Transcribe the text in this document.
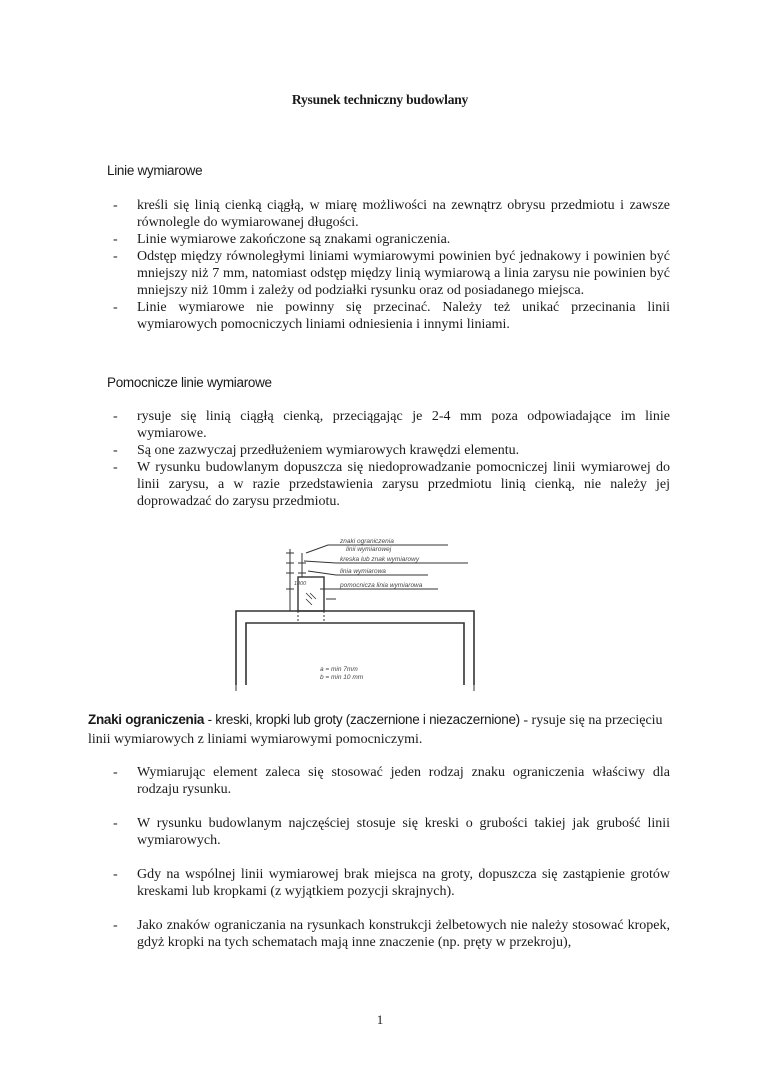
Rysunek techniczny budowlany
Linie wymiarowe
- kreśli się linią cienką ciągłą, w miarę możliwości na zewnątrz obrysu przedmiotu i zawsze równolegle do wymiarowanej długości.
- Linie wymiarowe zakończone są znakami ograniczenia.
- Odstęp między równoległymi liniami wymiarowymi powinien być jednakowy i powinien być mniejszy niż 7 mm, natomiast odstęp między linią wymiarową a linia zarysu nie powinien być mniejszy niż 10mm i zależy od podziałki rysunku oraz od posiadanego miejsca.
- Linie wymiarowe nie powinny się przecinać. Należy też unikać przecinania linii wymiarowych pomocniczych liniami odniesienia i innymi liniami.
Pomocnicze linie wymiarowe
- rysuje się linią ciągłą cienką, przeciągając je 2-4 mm poza odpowiadające im linie wymiarowe.
- Są one zazwyczaj przedłużeniem wymiarowych krawędzi elementu.
- W rysunku budowlanym dopuszcza się niedoprowadzanie pomocniczej linii wymiarowej do linii zarysu, a w razie przedstawienia zarysu przedmiotu linią cienką, nie należy jej doprowadzać do zarysu przedmiotu.
znaki ograniczenia
linii wymiarowej
kreska lub znak wymiarowy
linia wymiarowa
pomocnicza linia wymiarowa
1000
a = min 7mm
b = min 10 mm
Znaki ograniczenia - kreski, kropki lub groty (zaczernione i niezaczernione) - rysuje się na przecięciu linii wymiarowych z liniami wymiarowymi pomocniczymi.
- Wymiarując element zaleca się stosować jeden rodzaj znaku ograniczenia właściwy dla rodzaju rysunku.
- W rysunku budowlanym najczęściej stosuje się kreski o grubości takiej jak grubość linii wymiarowych.
- Gdy na wspólnej linii wymiarowej brak miejsca na groty, dopuszcza się zastąpienie grotów kreskami lub kropkami (z wyjątkiem pozycji skrajnych).
- Jako znaków ograniczania na rysunkach konstrukcji żelbetowych nie należy stosować kropek, gdyż kropki na tych schematach mają inne znaczenie (np. pręty w przekroju),
1
